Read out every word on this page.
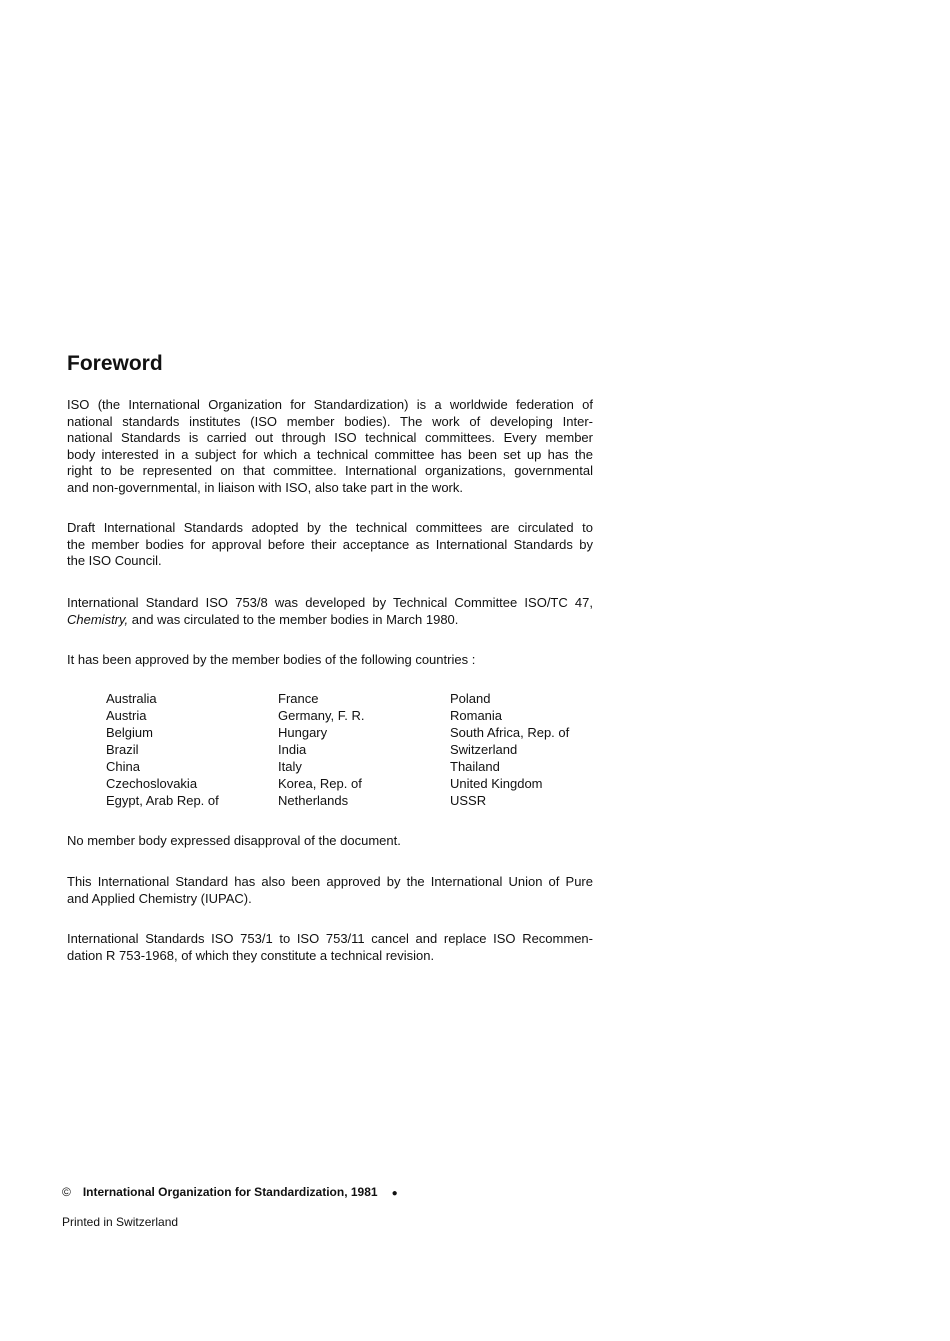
Foreword
ISO (the International Organization for Standardization) is a worldwide federation of
national standards institutes (ISO member bodies). The work of developing Inter-
national Standards is carried out through ISO technical committees. Every member
body interested in a subject for which a technical committee has been set up has the
right to be represented on that committee. International organizations, governmental
and non-governmental, in liaison with ISO, also take part in the work.
Draft International Standards adopted by the technical committees are circulated to
the member bodies for approval before their acceptance as International Standards by
the ISO Council.
International Standard ISO 753/8 was developed by Technical Committee ISO/TC 47,
Chemistry, and was circulated to the member bodies in March 1980.
It has been approved by the member bodies of the following countries :
Australia
Austria
Belgium
Brazil
China
Czechoslovakia
Egypt, Arab Rep. of
France
Germany, F. R.
Hungary
India
Italy
Korea, Rep. of
Netherlands
Poland
Romania
South Africa, Rep. of
Switzerland
Thailand
United Kingdom
USSR
No member body expressed disapproval of the document.
This International Standard has also been approved by the International Union of Pure
and Applied Chemistry (IUPAC).
International Standards ISO 753/1 to ISO 753/11 cancel and replace ISO Recommen-
dation R 753-1968, of which they constitute a technical revision.
© International Organization for Standardization, 1981 ●
Printed in Switzerland
